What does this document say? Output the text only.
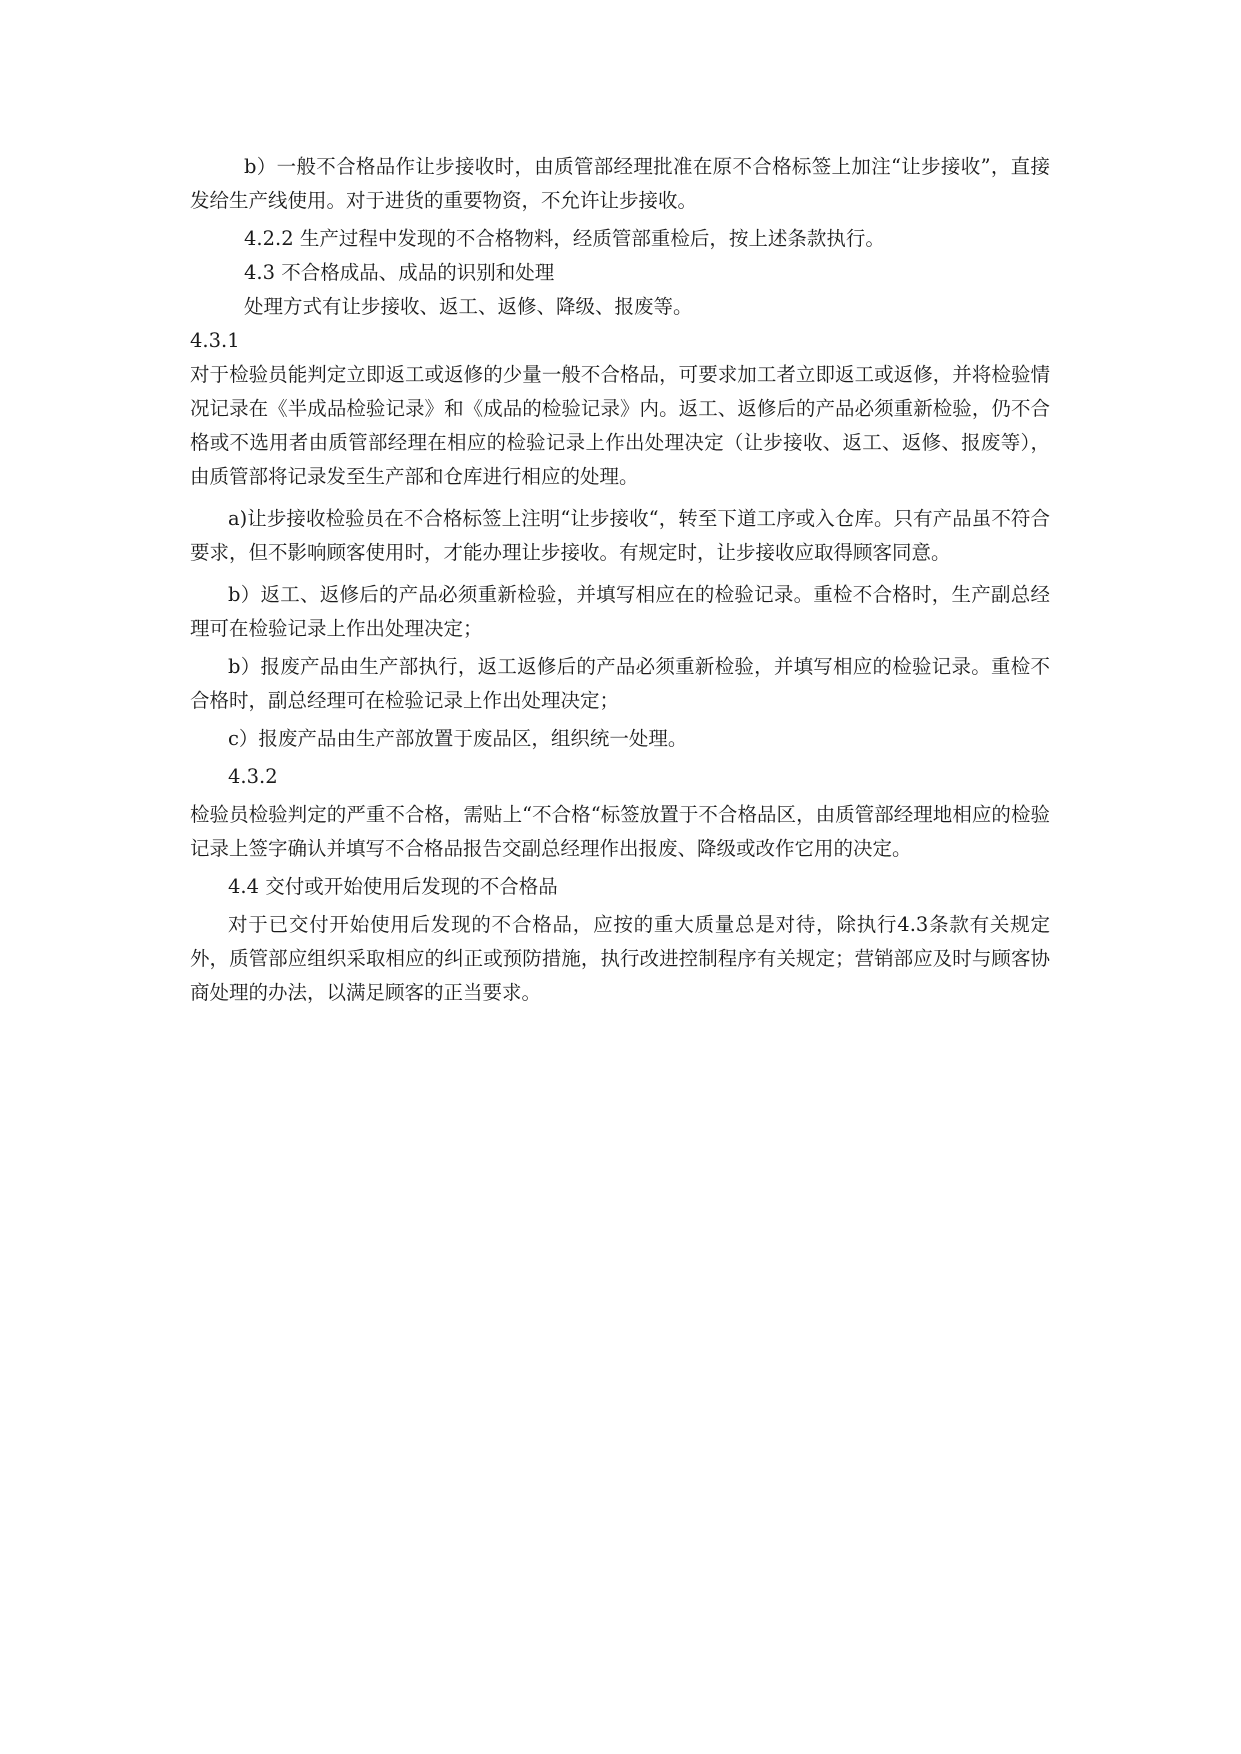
b）一般不合格品作让步接收时，由质管部经理批准在原不合格标签上加注“让步接收”，直接发给生产线使用。对于进货的重要物资，不允许让步接收。

4.2.2 生产过程中发现的不合格物料，经质管部重检后，按上述条款执行。

4.3 不合格成品、成品的识别和处理

处理方式有让步接收、返工、返修、降级、报废等。

4.3.1

对于检验员能判定立即返工或返修的少量一般不合格品，可要求加工者立即返工或返修，并将检验情况记录在《半成品检验记录》和《成品的检验记录》内。返工、返修后的产品必须重新检验，仍不合格或不选用者由质管部经理在相应的检验记录上作出处理决定（让步接收、返工、返修、报废等），由质管部将记录发至生产部和仓库进行相应的处理。

a)让步接收检验员在不合格标签上注明“让步接收“，转至下道工序或入仓库。只有产品虽不符合要求，但不影响顾客使用时，才能办理让步接收。有规定时，让步接收应取得顾客同意。

b）返工、返修后的产品必须重新检验，并填写相应在的检验记录。重检不合格时，生产副总经理可在检验记录上作出处理决定；

b）报废产品由生产部执行，返工返修后的产品必须重新检验，并填写相应的检验记录。重检不合格时，副总经理可在检验记录上作出处理决定；

c）报废产品由生产部放置于废品区，组织统一处理。

4.3.2

检验员检验判定的严重不合格，需贴上“不合格“标签放置于不合格品区，由质管部经理地相应的检验记录上签字确认并填写不合格品报告交副总经理作出报废、降级或改作它用的决定。

4.4 交付或开始使用后发现的不合格品

对于已交付开始使用后发现的不合格品，应按的重大质量总是对待，除执行4.3条款有关规定外，质管部应组织采取相应的纠正或预防措施，执行改进控制程序有关规定；营销部应及时与顾客协商处理的办法，以满足顾客的正当要求。
